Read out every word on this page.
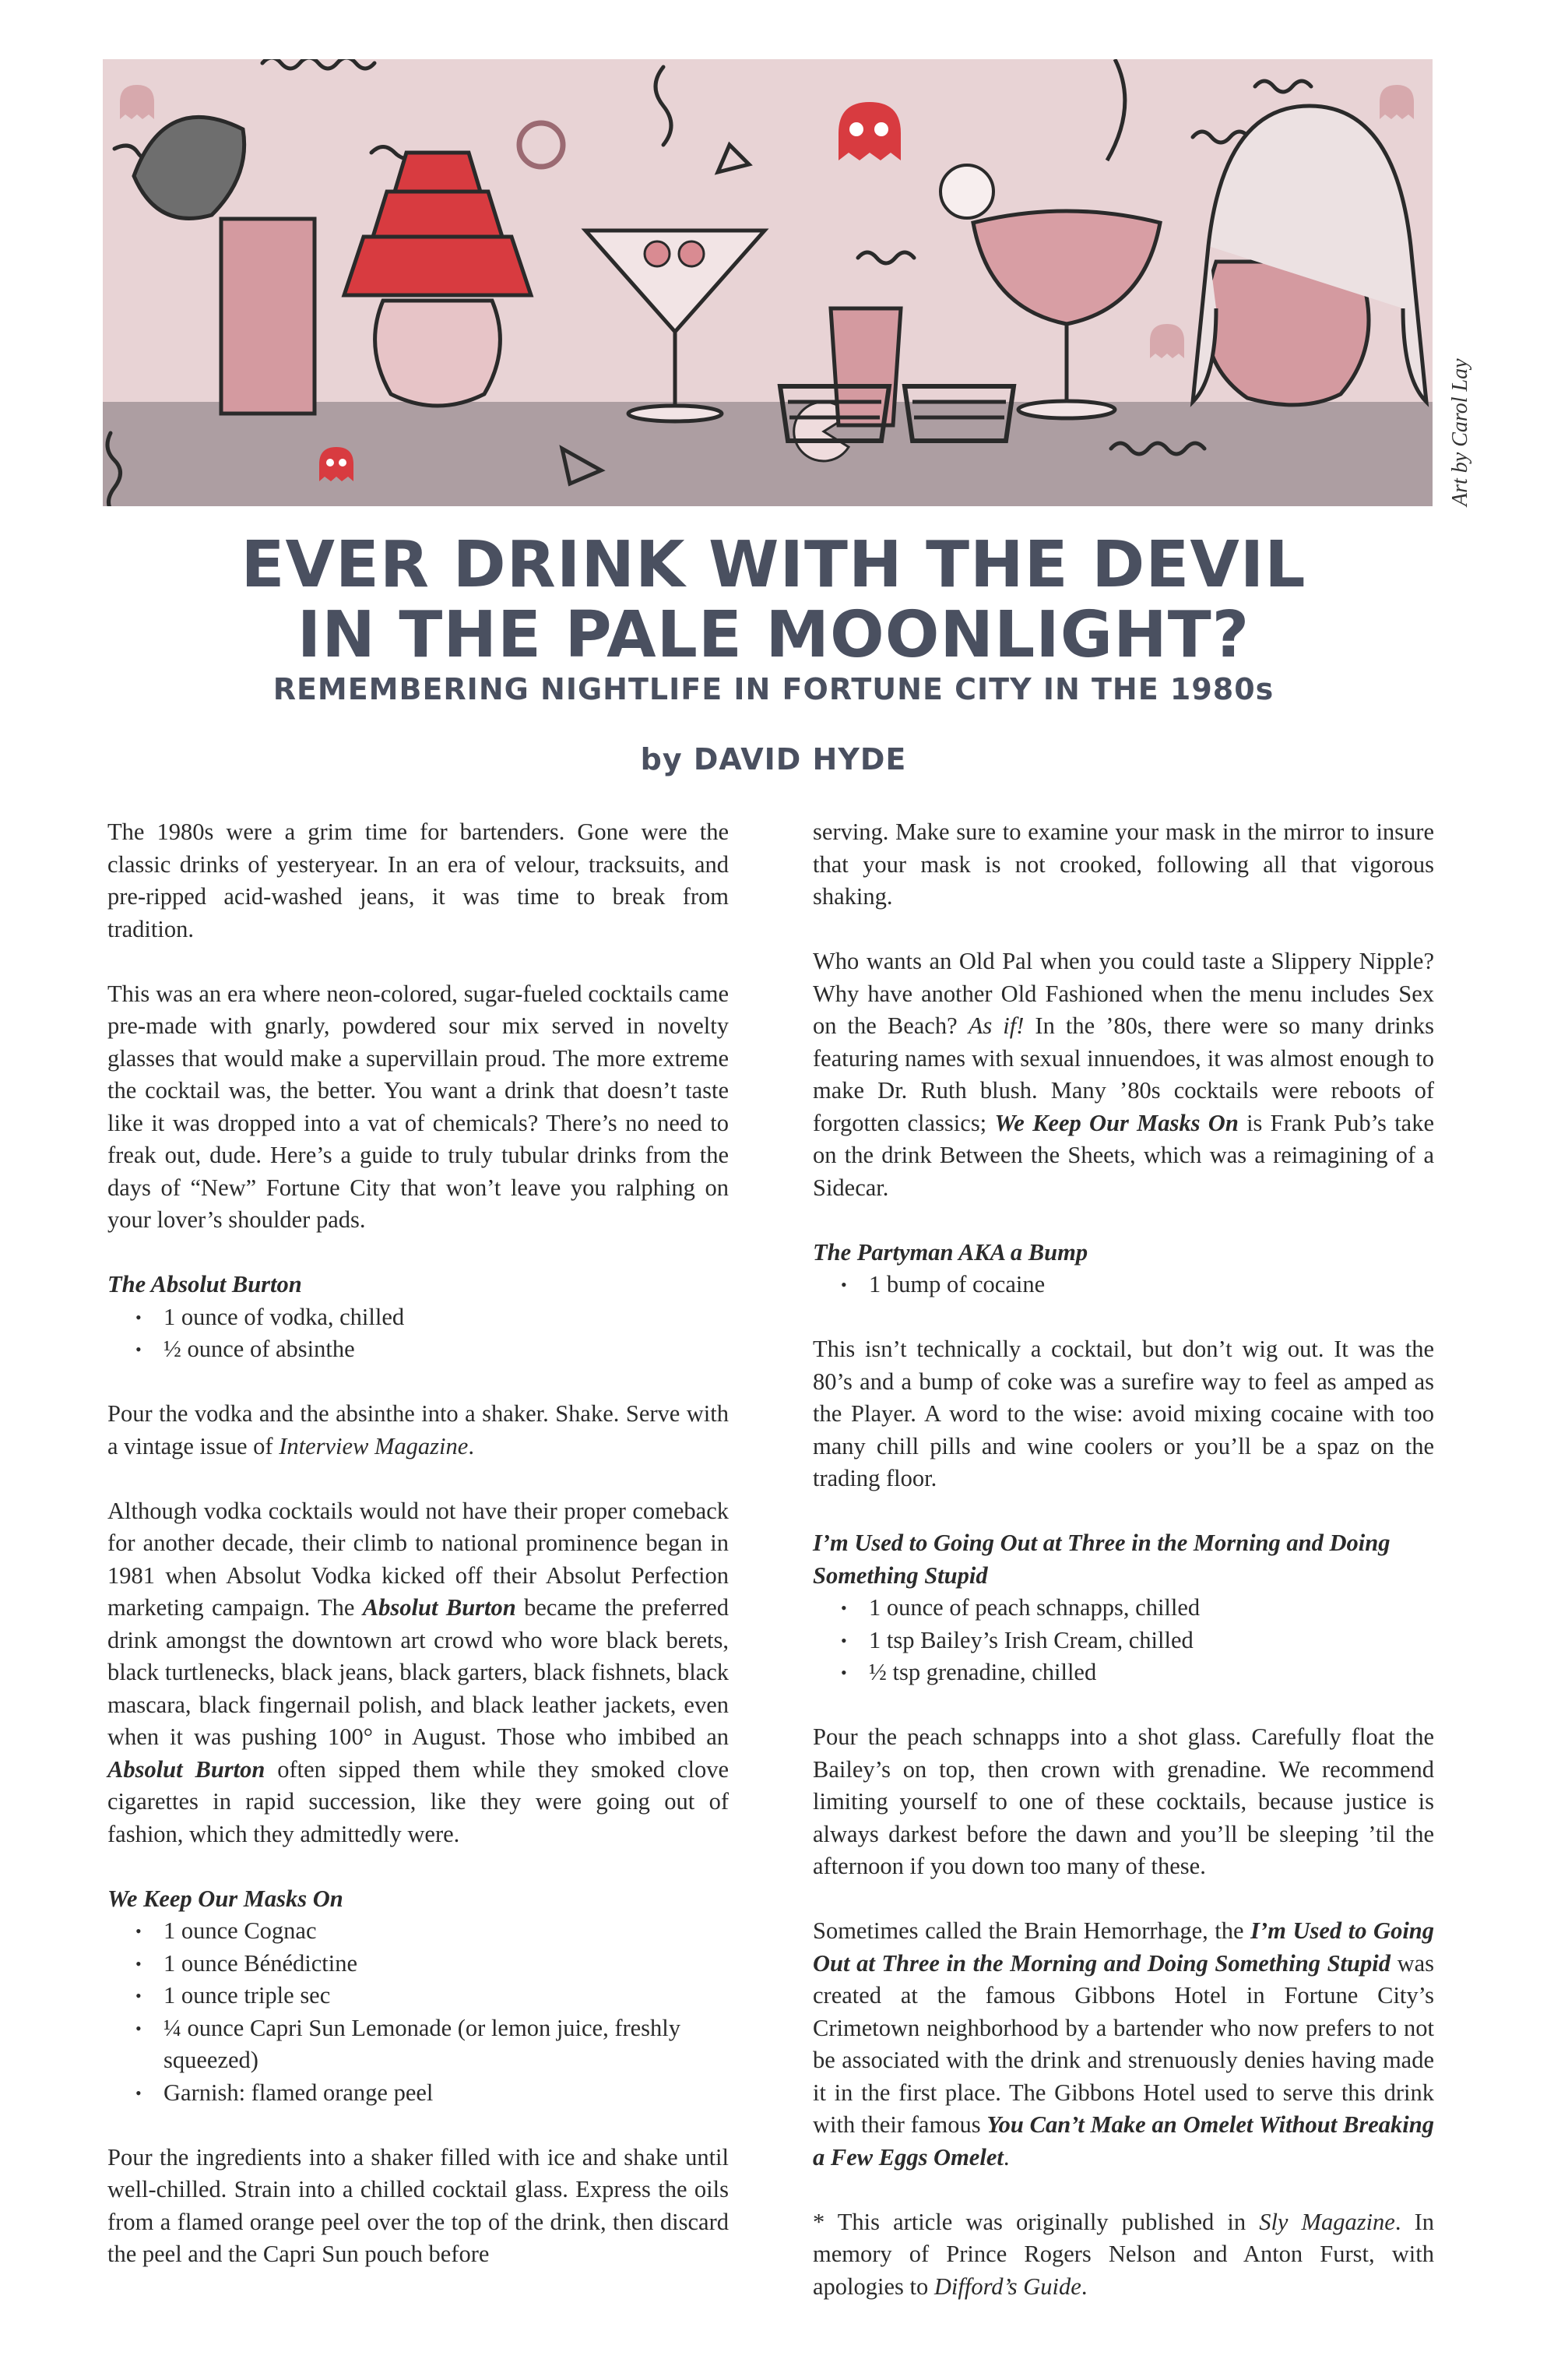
Art by Carol Lay
EVER DRINK WITH THE DEVIL
IN THE PALE MOONLIGHT?
REMEMBERING NIGHTLIFE IN FORTUNE CITY IN THE 1980s
by DAVID HYDE

The 1980s were a grim time for bartenders. Gone were the classic drinks of yesteryear. In an era of velour, tracksuits, and pre-ripped acid-washed jeans, it was time to break from tradition.

This was an era where neon-colored, sugar-fueled cocktails came pre-made with gnarly, powdered sour mix served in novelty glasses that would make a supervillain proud. The more extreme the cocktail was, the better. You want a drink that doesn’t taste like it was dropped into a vat of chemicals? There’s no need to freak out, dude. Here’s a guide to truly tubular drinks from the days of “New” Fortune City that won’t leave you ralphing on your lover’s shoulder pads.

The Absolut Burton
• 1 ounce of vodka, chilled
• ½ ounce of absinthe

Pour the vodka and the absinthe into a shaker. Shake. Serve with a vintage issue of Interview Magazine.

Although vodka cocktails would not have their proper comeback for another decade, their climb to national prominence began in 1981 when Absolut Vodka kicked off their Absolut Perfection marketing campaign. The Absolut Burton became the preferred drink amongst the downtown art crowd who wore black berets, black turtlenecks, black jeans, black garters, black fishnets, black mascara, black fingernail polish, and black leather jackets, even when it was pushing 100° in August. Those who imbibed an Absolut Burton often sipped them while they smoked clove cigarettes in rapid succession, like they were going out of fashion, which they admittedly were.

We Keep Our Masks On
• 1 ounce Cognac
• 1 ounce Bénédictine
• 1 ounce triple sec
• ¼ ounce Capri Sun Lemonade (or lemon juice, freshly squeezed)
• Garnish: flamed orange peel

Pour the ingredients into a shaker filled with ice and shake until well-chilled. Strain into a chilled cocktail glass. Express the oils from a flamed orange peel over the top of the drink, then discard the peel and the Capri Sun pouch before

serving. Make sure to examine your mask in the mirror to insure that your mask is not crooked, following all that vigorous shaking.

Who wants an Old Pal when you could taste a Slippery Nipple? Why have another Old Fashioned when the menu includes Sex on the Beach? As if! In the ’80s, there were so many drinks featuring names with sexual innuendoes, it was almost enough to make Dr. Ruth blush. Many ’80s cocktails were reboots of forgotten classics; We Keep Our Masks On is Frank Pub’s take on the drink Between the Sheets, which was a reimagining of a Sidecar.

The Partyman AKA a Bump
• 1 bump of cocaine

This isn’t technically a cocktail, but don’t wig out. It was the 80’s and a bump of coke was a surefire way to feel as amped as the Player. A word to the wise: avoid mixing cocaine with too many chill pills and wine coolers or you’ll be a spaz on the trading floor.

I’m Used to Going Out at Three in the Morning and Doing Something Stupid
• 1 ounce of peach schnapps, chilled
• 1 tsp Bailey’s Irish Cream, chilled
• ½ tsp grenadine, chilled

Pour the peach schnapps into a shot glass. Carefully float the Bailey’s on top, then crown with grenadine. We recommend limiting yourself to one of these cocktails, because justice is always darkest before the dawn and you’ll be sleeping ’til the afternoon if you down too many of these.

Sometimes called the Brain Hemorrhage, the I’m Used to Going Out at Three in the Morning and Doing Something Stupid was created at the famous Gibbons Hotel in Fortune City’s Crimetown neighborhood by a bartender who now prefers to not be associated with the drink and strenuously denies having made it in the first place. The Gibbons Hotel used to serve this drink with their famous You Can’t Make an Omelet Without Breaking a Few Eggs Omelet.

* This article was originally published in Sly Magazine. In memory of Prince Rogers Nelson and Anton Furst, with apologies to Difford’s Guide.
